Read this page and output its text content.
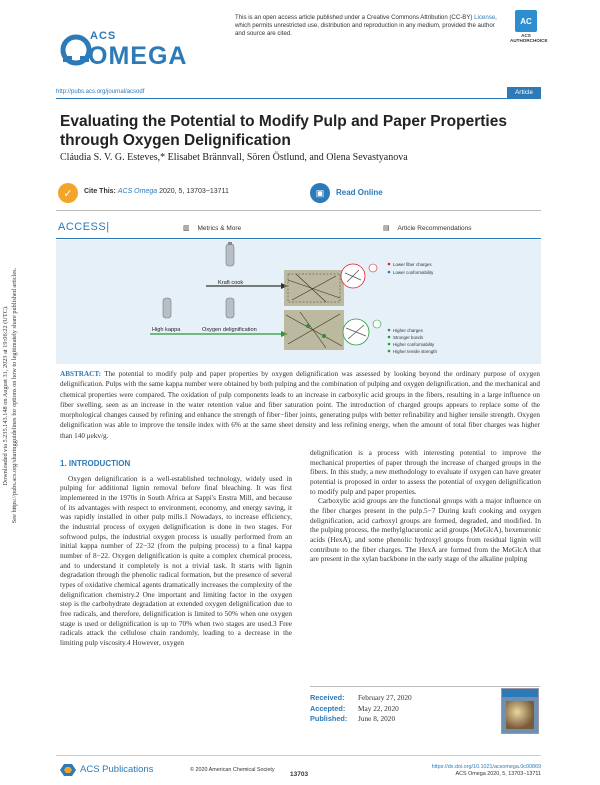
Downloaded via 5.235.143.148 on August 31, 2023 at 19:06:22 (UTC). See https://pubs.acs.org/sharingguidelines for options on how to legitimately share published articles.
ACS
OMEGA
This is an open access article published under a Creative Commons Attribution (CC-BY) License, which permits unrestricted use, distribution and reproduction in any medium, provided the author and source are cited.
AC
ACS AUTHORCHOICE
http://pubs.acs.org/journal/acsodf	Article
Evaluating the Potential to Modify Pulp and Paper Properties through Oxygen Delignification
Cláudia S. V. G. Esteves,* Elisabet Brännvall, Sören Östlund, and Olena Sevastyanova
✓	Cite This: ACS Omega 2020, 5, 13703−13711	▣	Read Online
ACCESS|	▥ Metrics & More	▤ Article Recommendations
Kraft cook
Lower fiber charges
Lower conformability
High kappa	Oxygen delignification	Higher charges
Stronger bonds
Higher conformability
Higher tensile strength
ABSTRACT: The potential to modify pulp and paper properties by oxygen delignification was assessed by looking beyond the ordinary purpose of oxygen delignification. Pulps with the same kappa number were obtained by both pulping and the combination of pulping and oxygen delignification, and the mechanical and chemical properties were compared. The oxidation of pulp components leads to an increase in carboxylic acid groups in the fibers, resulting in a large influence on fiber swelling, seen as an increase in the water retention value and fiber saturation point. The introduction of charged groups appears to replace some of the morphological changes caused by refining and enhance the strength of fiber−fiber joints, generating pulps with better refinability and higher tensile strength. Oxygen delignification was able to improve the tensile index with 6% at the same sheet density and less refining energy, when the amount of total fiber charges was higher than 140 μekv/g.
1. INTRODUCTION

Oxygen delignification is a well-established technology, widely used in pulping for additional lignin removal before final bleaching. It was first implemented in the 1970s in South Africa at Sappi's Enstra Mill, and because of its advantages with respect to environment, economy, and energy saving, it was rapidly installed in other pulp mills.1 Nowadays, to increase efficiency, the industrial process of oxygen delignification is done in two stages. For softwood pulps, the industrial oxygen process is usually performed from an initial kappa number of 22−32 (from the pulping process) to a final kappa number of 8−22. Oxygen delignification is quite a complex chemical process, and to understand it completely is not a trivial task. It starts with lignin degradation through the phenolic radical formation, but the presence of several types of oxidative chemical agents dramatically increases the complexity of the delignification chemistry.2 One important and limiting factor in the oxygen step is the carbohydrate degradation at extended oxygen delignification due to free radicals, and therefore, delignification is limited to 50% when one oxygen stage is used or delignification is up to 70% when two stages are used.3 Free radicals attack the cellulose chain randomly, leading to a decrease in the limiting pulp viscosity.4 However, oxygen

delignification is a process with interesting potential to improve the mechanical properties of paper through the increase of charged groups in the fibers. In this study, a new methodology to evaluate if oxygen can have greater potential is proposed in order to assess the potential of oxygen delignification to modify pulp and paper properties.

Carboxylic acid groups are the functional groups with a major influence on the fiber charges present in the pulp.5−7 During kraft cooking and oxygen delignification, acid carboxyl groups are formed, degraded, and modified. In the pulping process, the methylglucuronic acid groups (MeGlcA), hexenuronic acids (HexA), and some phenolic hydroxyl groups from residual lignin will contribute to the fiber charges. The HexA are formed from the MeGlcA that are present in the xylan backbone in the early stage of the alkaline pulping

Received: February 27, 2020
Accepted: May 22, 2020
Published: June 8, 2020
ACS Publications	© 2020 American Chemical Society
13703
https://dx.doi.org/10.1021/acsomega.0c00869
ACS Omega 2020, 5, 13703−13711
